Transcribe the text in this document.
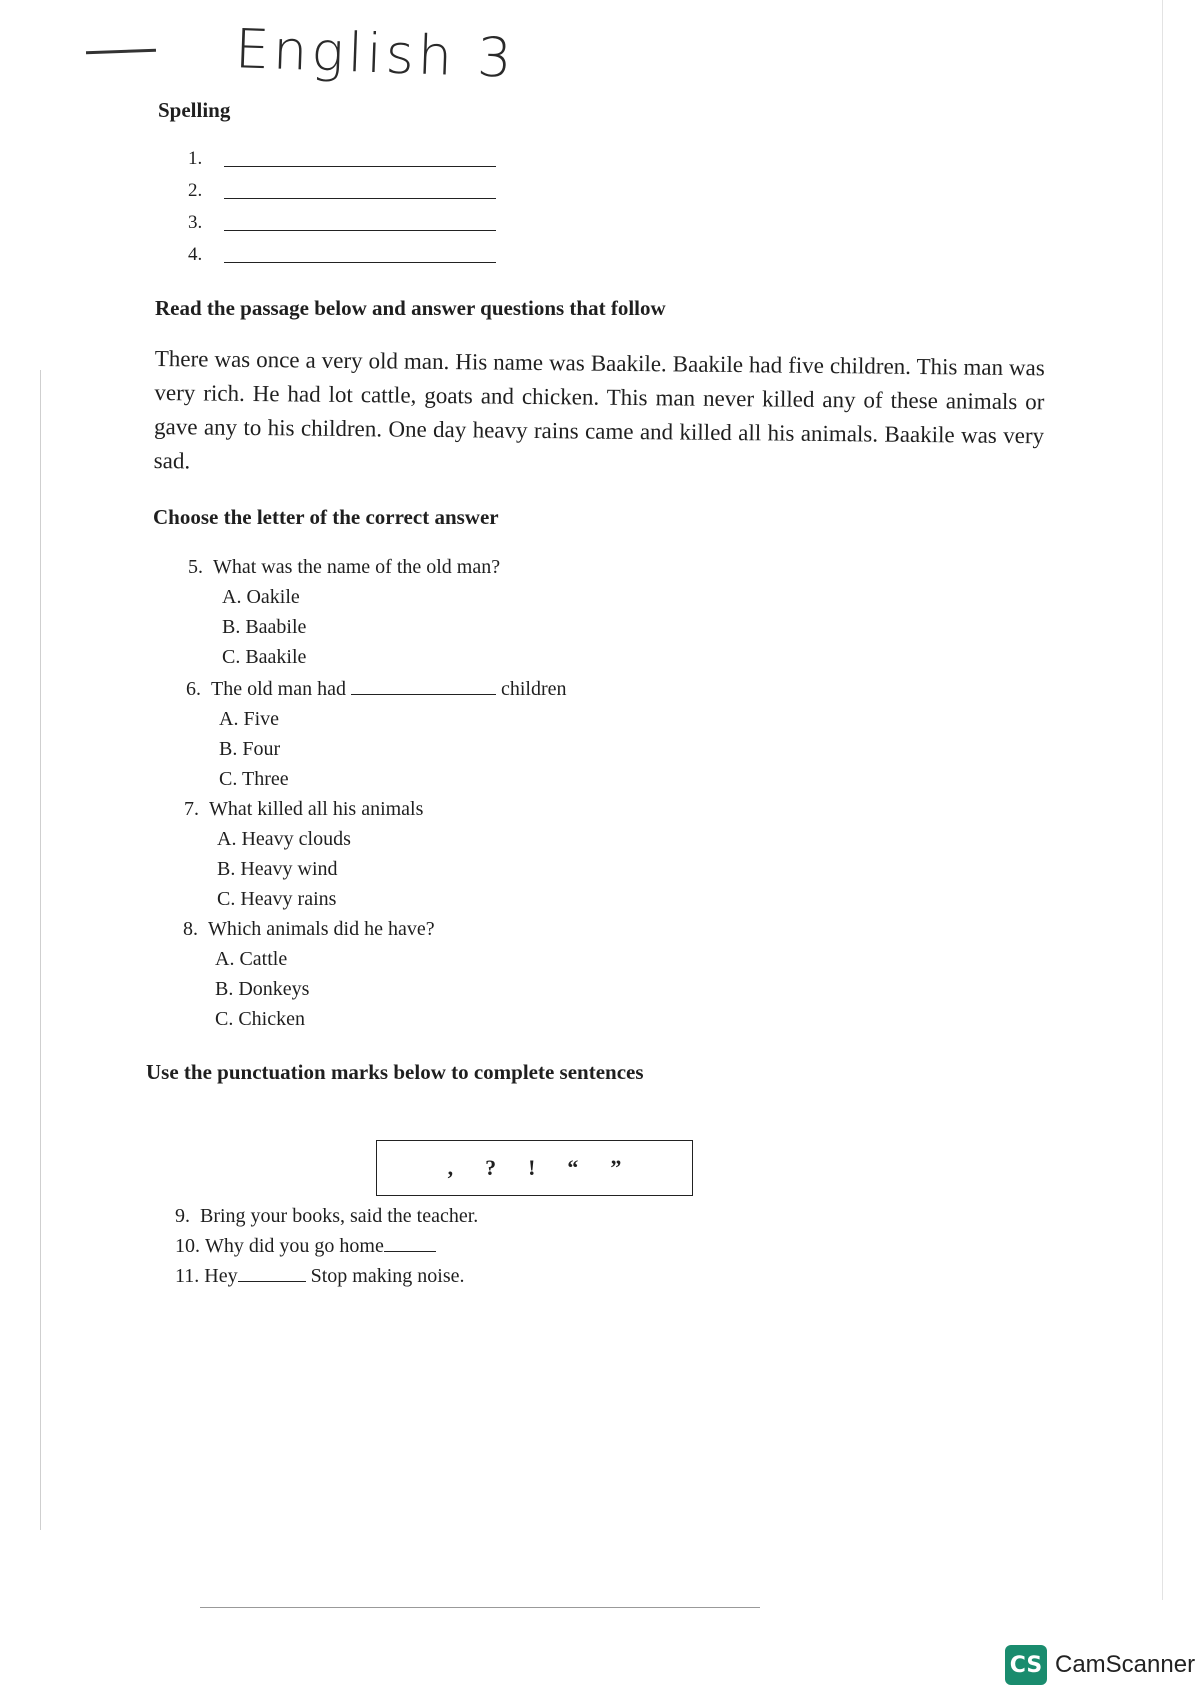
English 3
Spelling
1.
2.
3.
4.
Read the passage below and answer questions that follow
There was once a very old man. His name was Baakile. Baakile had five children. This man was very rich. He had lot cattle, goats and chicken. This man never killed any of these animals or gave any to his children. One day heavy rains came and killed all his animals. Baakile was very sad.
Choose the letter of the correct answer
5. What was the name of the old man?
A. Oakile
B. Baabile
C. Baakile
6. The old man had	children
A. Five
B. Four
C. Three
7. What killed all his animals
A. Heavy clouds
B. Heavy wind
C. Heavy rains
8. Which animals did he have?
A. Cattle
B. Donkeys
C. Chicken
Use the punctuation marks below to complete sentences
, ? ! “ ”
9. Bring your books, said the teacher.
10. Why did you go home
11. Hey	Stop making noise.
CS CamScanner
